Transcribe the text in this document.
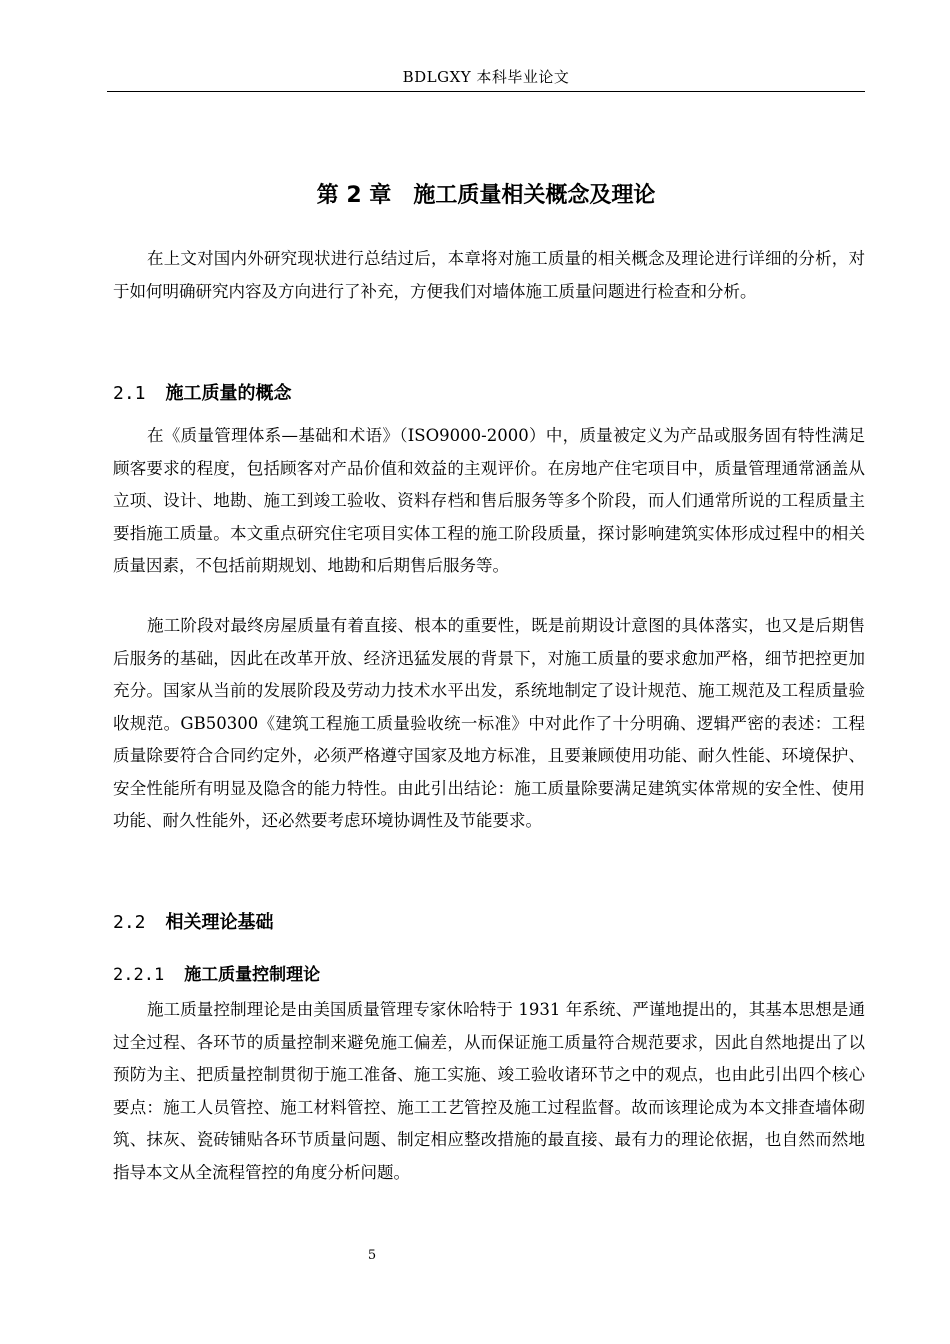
BDLGXY 本科毕业论文
第 2 章 施工质量相关概念及理论

在上文对国内外研究现状进行总结过后，本章将对施工质量的相关概念及理论进行详细的分析，对于如何明确研究内容及方向进行了补充，方便我们对墙体施工质量问题进行检查和分析。

2.1 施工质量的概念

在《质量管理体系—基础和术语》（ISO9000-2000）中，质量被定义为产品或服务固有特性满足顾客要求的程度，包括顾客对产品价值和效益的主观评价。在房地产住宅项目中，质量管理通常涵盖从立项、设计、地勘、施工到竣工验收、资料存档和售后服务等多个阶段，而人们通常所说的工程质量主要指施工质量。本文重点研究住宅项目实体工程的施工阶段质量，探讨影响建筑实体形成过程中的相关质量因素，不包括前期规划、地勘和后期售后服务等。

施工阶段对最终房屋质量有着直接、根本的重要性，既是前期设计意图的具体落实，也又是后期售后服务的基础，因此在改革开放、经济迅猛发展的背景下，对施工质量的要求愈加严格，细节把控更加充分。国家从当前的发展阶段及劳动力技术水平出发，系统地制定了设计规范、施工规范及工程质量验收规范。GB50300《建筑工程施工质量验收统一标准》中对此作了十分明确、逻辑严密的表述：工程质量除要符合合同约定外，必须严格遵守国家及地方标准，且要兼顾使用功能、耐久性能、环境保护、安全性能所有明显及隐含的能力特性。由此引出结论：施工质量除要满足建筑实体常规的安全性、使用功能、耐久性能外，还必然要考虑环境协调性及节能要求。

2.2 相关理论基础
2.2.1 施工质量控制理论

施工质量控制理论是由美国质量管理专家休哈特于 1931 年系统、严谨地提出的，其基本思想是通过全过程、各环节的质量控制来避免施工偏差，从而保证施工质量符合规范要求，因此自然地提出了以预防为主、把质量控制贯彻于施工准备、施工实施、竣工验收诸环节之中的观点，也由此引出四个核心要点：施工人员管控、施工材料管控、施工工艺管控及施工过程监督。故而该理论成为本文排查墙体砌筑、抹灰、瓷砖铺贴各环节质量问题、制定相应整改措施的最直接、最有力的理论依据，也自然而然地指导本文从全流程管控的角度分析问题。

5
